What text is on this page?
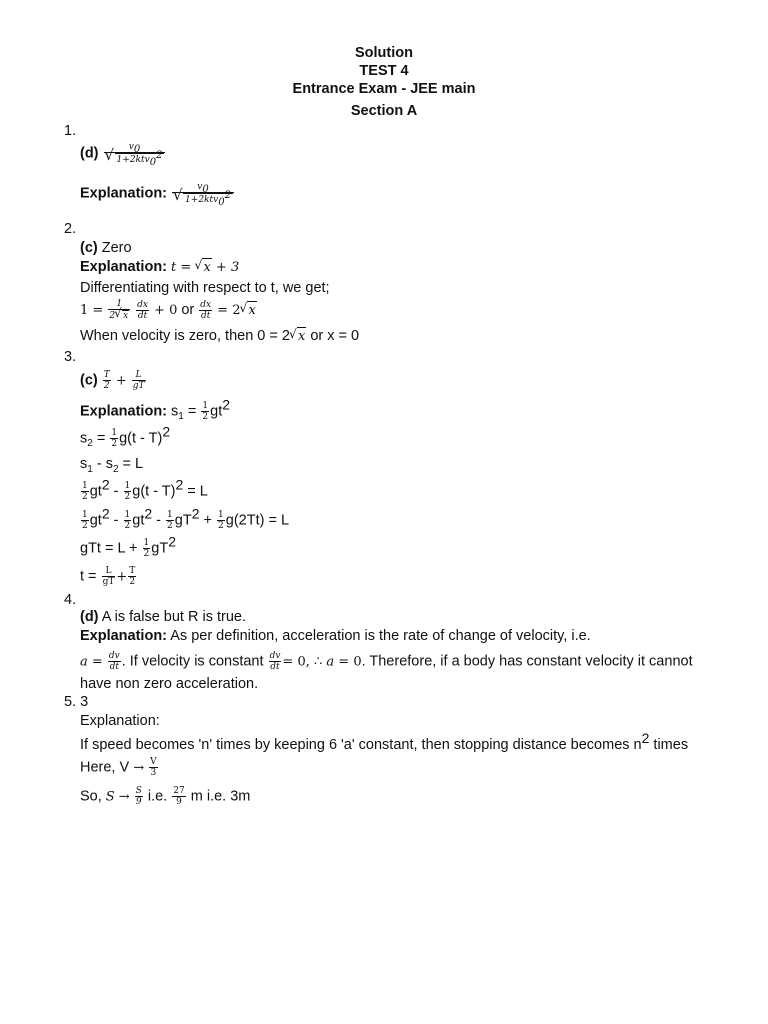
Solution
TEST 4
Entrance Exam - JEE main
Section A
1.
(d) $v_0$
√ 1+2ktv$_0^2$
Explanation: $v_0$
√ 1+2ktv$_0^2$
2.
(c) Zero
Explanation: t = √ x + 3
Differentiating with respect to t, we get;
$1 = \frac{1}{2√ x}$
$\frac{dx}{dt} + 0$ or $\frac{dx}{dt} = 2√$ x
When velocity is zero, then 0 = 2√ x or x = 0
3.
$(c) \frac{T}{2} + \frac{L}{gT}$
Explanation: $s_1 = \frac{1}{2} gt2$
$s_2 = \frac{1}{2} g(t - T)2$
$s_1 - s_2 = L$
$\frac{1}{2} gt2 - \frac{1}{2} g(t - T)2 = L$
$\frac{1}{2} gt2 - \frac{1}{2} gt2 - \frac{1}{2} gT2 + \frac{1}{2} g(2Tt) = L$
gTt = $L + \frac{1}{2} gT2$
$t = \frac{L}{gT} + \frac{T}{2}$
4.
(d) A is false but R is true.
Explanation: As per definition, acceleration is the rate of change of velocity, i.e.
$a = \frac{dv}{dt}$ . If velocity is constant $\frac{dv}{dt} = 0$, ∴ a = 0. Therefore, if a body has constant velocity it cannot
have non zero acceleration.
5. 3
Explanation:
If speed becomes 'n' times by keeping 6 'a' constant, then stopping distance becomes n2 times
Here, $V \to \frac{V}{3}$
So, $S \to \frac{S}{9} i.e$. $\frac{27}{9}$ m i.e. 3m
